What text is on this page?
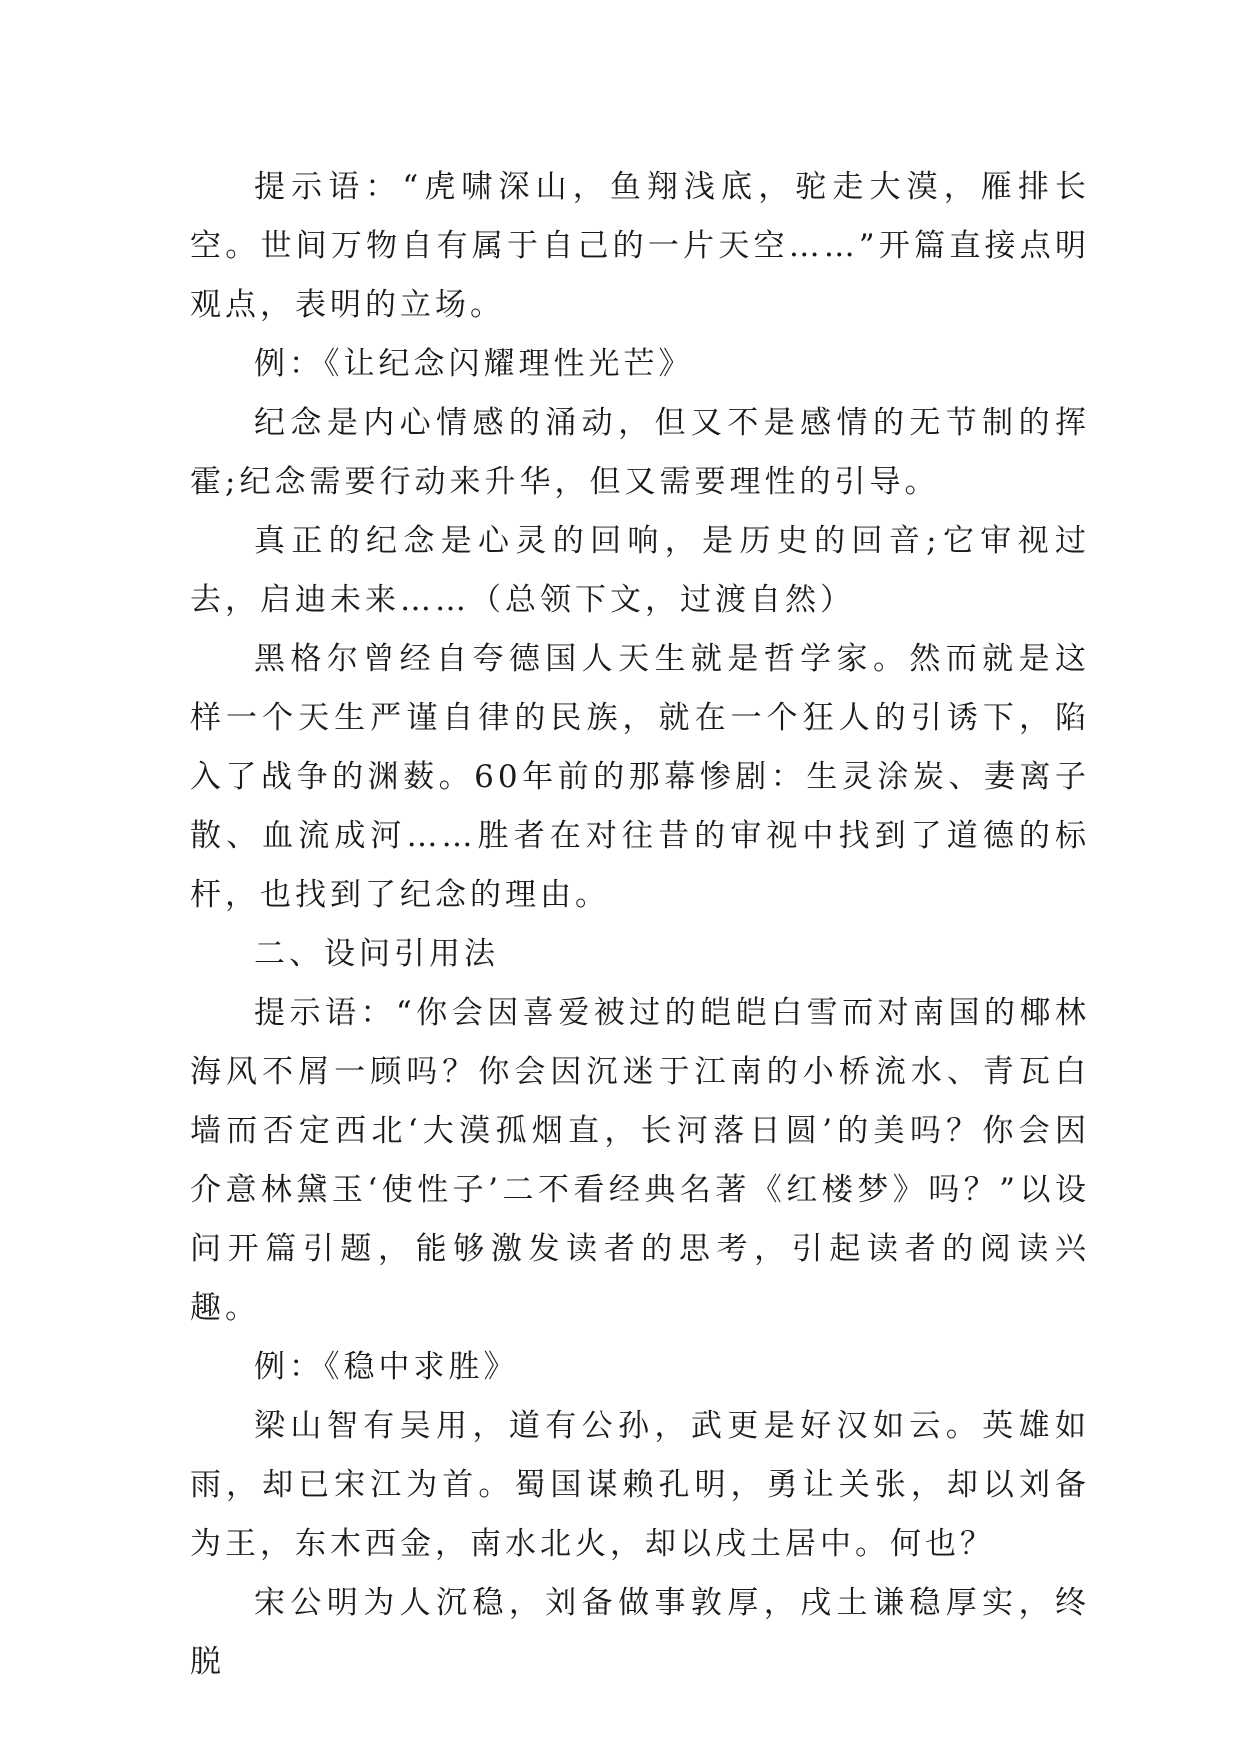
提示语：“虎啸深山，鱼翔浅底，驼走大漠，雁排长空。世间万物自有属于自己的一片天空……”开篇直接点明观点，表明的立场。

例：《让纪念闪耀理性光芒》

纪念是内心情感的涌动，但又不是感情的无节制的挥霍;纪念需要行动来升华，但又需要理性的引导。

真正的纪念是心灵的回响，是历史的回音;它审视过去，启迪未来……（总领下文，过渡自然）

黑格尔曾经自夸德国人天生就是哲学家。然而就是这样一个天生严谨自律的民族，就在一个狂人的引诱下，陷入了战争的渊薮。60年前的那幕惨剧：生灵涂炭、妻离子散、血流成河……胜者在对往昔的审视中找到了道德的标杆，也找到了纪念的理由。

二、设问引用法

提示语：“你会因喜爱被过的皑皑白雪而对南国的椰林海风不屑一顾吗？你会因沉迷于江南的小桥流水、青瓦白墙而否定西北‘大漠孤烟直，长河落日圆’的美吗？你会因介意林黛玉‘使性子’二不看经典名著《红楼梦》吗？”以设问开篇引题，能够激发读者的思考，引起读者的阅读兴趣。

例：《稳中求胜》

梁山智有吴用，道有公孙，武更是好汉如云。英雄如雨，却已宋江为首。蜀国谋赖孔明，勇让关张，却以刘备为王，东木西金，南水北火，却以戌土居中。何也？

宋公明为人沉稳，刘备做事敦厚，戌土谦稳厚实，终脱
